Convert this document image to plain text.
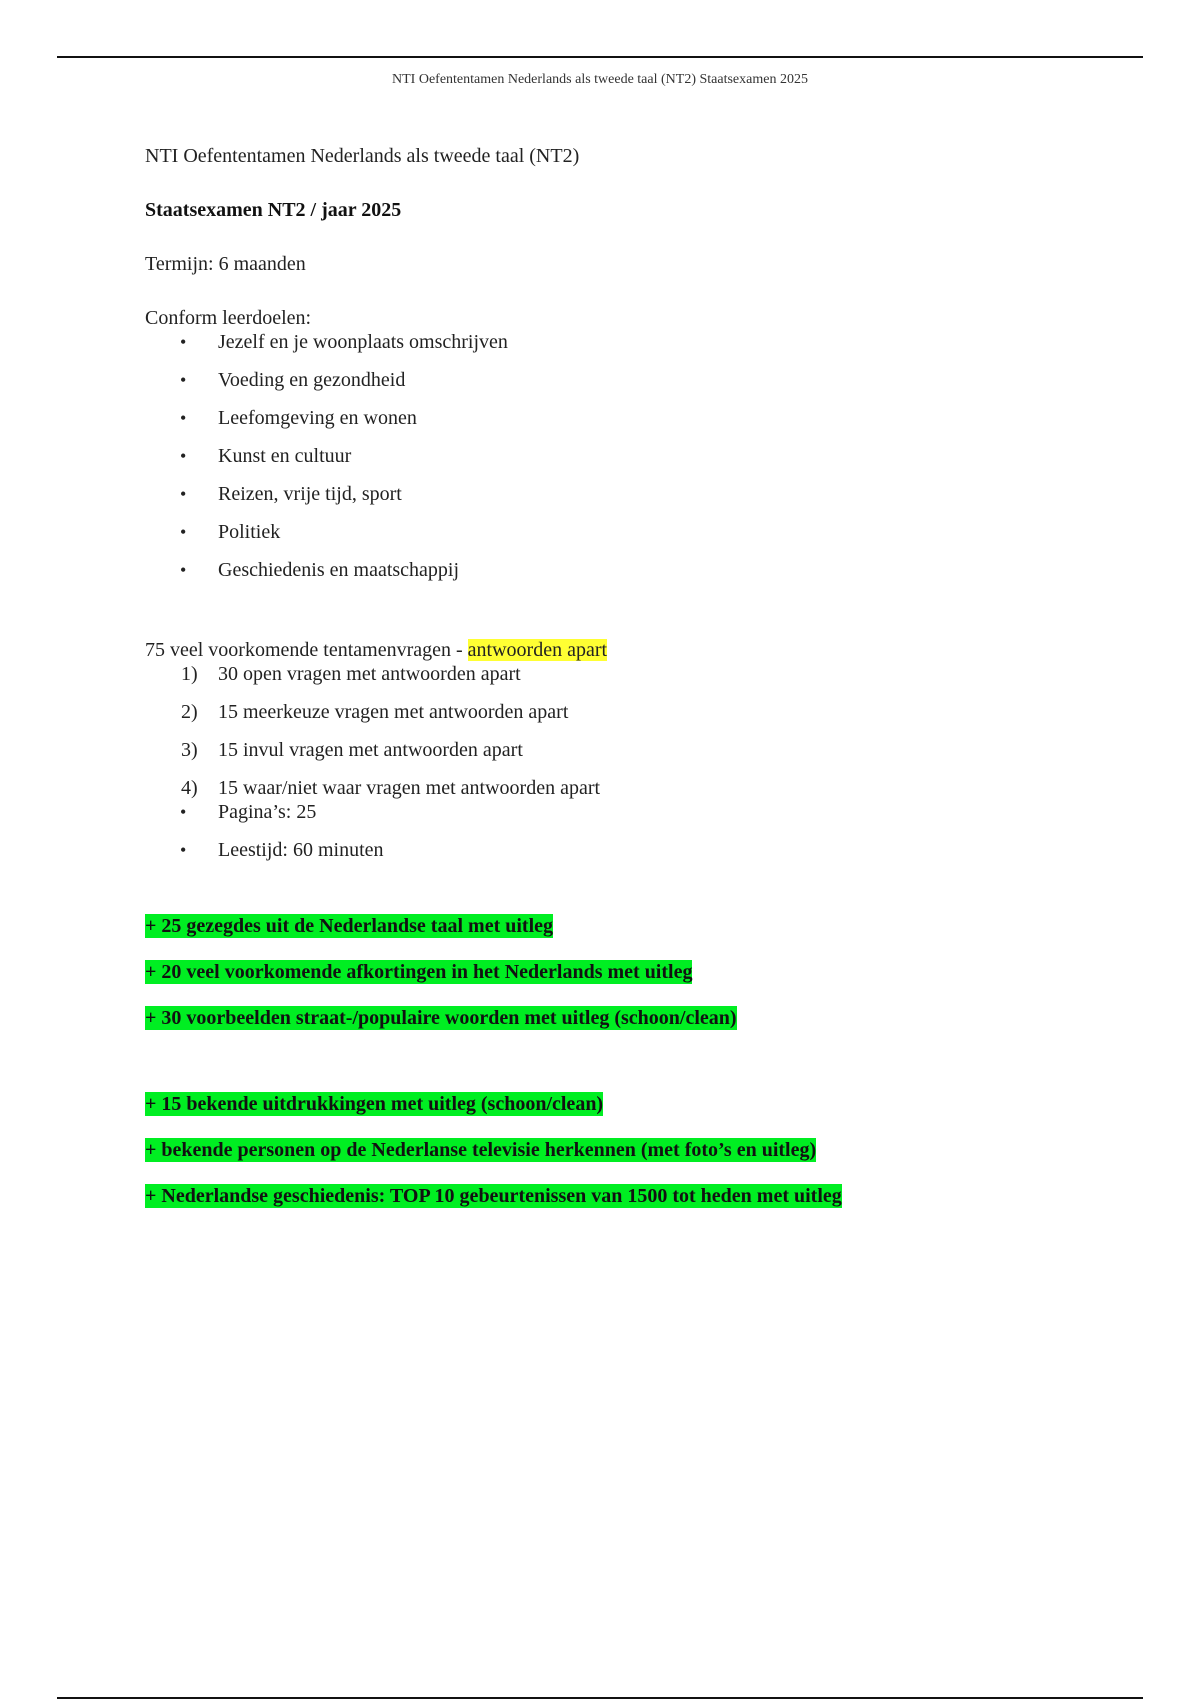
NTI Oefententamen Nederlands als tweede taal (NT2) Staatsexamen 2025

NTI Oefententamen Nederlands als tweede taal (NT2)

Staatsexamen NT2 / jaar 2025

Termijn: 6 maanden

Conform leerdoelen:

• Jezelf en je woonplaats omschrijven
• Voeding en gezondheid
• Leefomgeving en wonen
• Kunst en cultuur
• Reizen, vrije tijd, sport
• Politiek
• Geschiedenis en maatschappij

75 veel voorkomende tentamenvragen - antwoorden apart

1) 30 open vragen met antwoorden apart
2) 15 meerkeuze vragen met antwoorden apart
3) 15 invul vragen met antwoorden apart
4) 15 waar/niet waar vragen met antwoorden apart
• Pagina’s: 25
• Leestijd: 60 minuten

+ 25 gezegdes uit de Nederlandse taal met uitleg

+ 20 veel voorkomende afkortingen in het Nederlands met uitleg

+ 30 voorbeelden straat-/populaire woorden met uitleg (schoon/clean)

+ 15 bekende uitdrukkingen met uitleg (schoon/clean)

+ bekende personen op de Nederlanse televisie herkennen (met foto’s en uitleg)

+ Nederlandse geschiedenis: TOP 10 gebeurtenissen van 1500 tot heden met uitleg
